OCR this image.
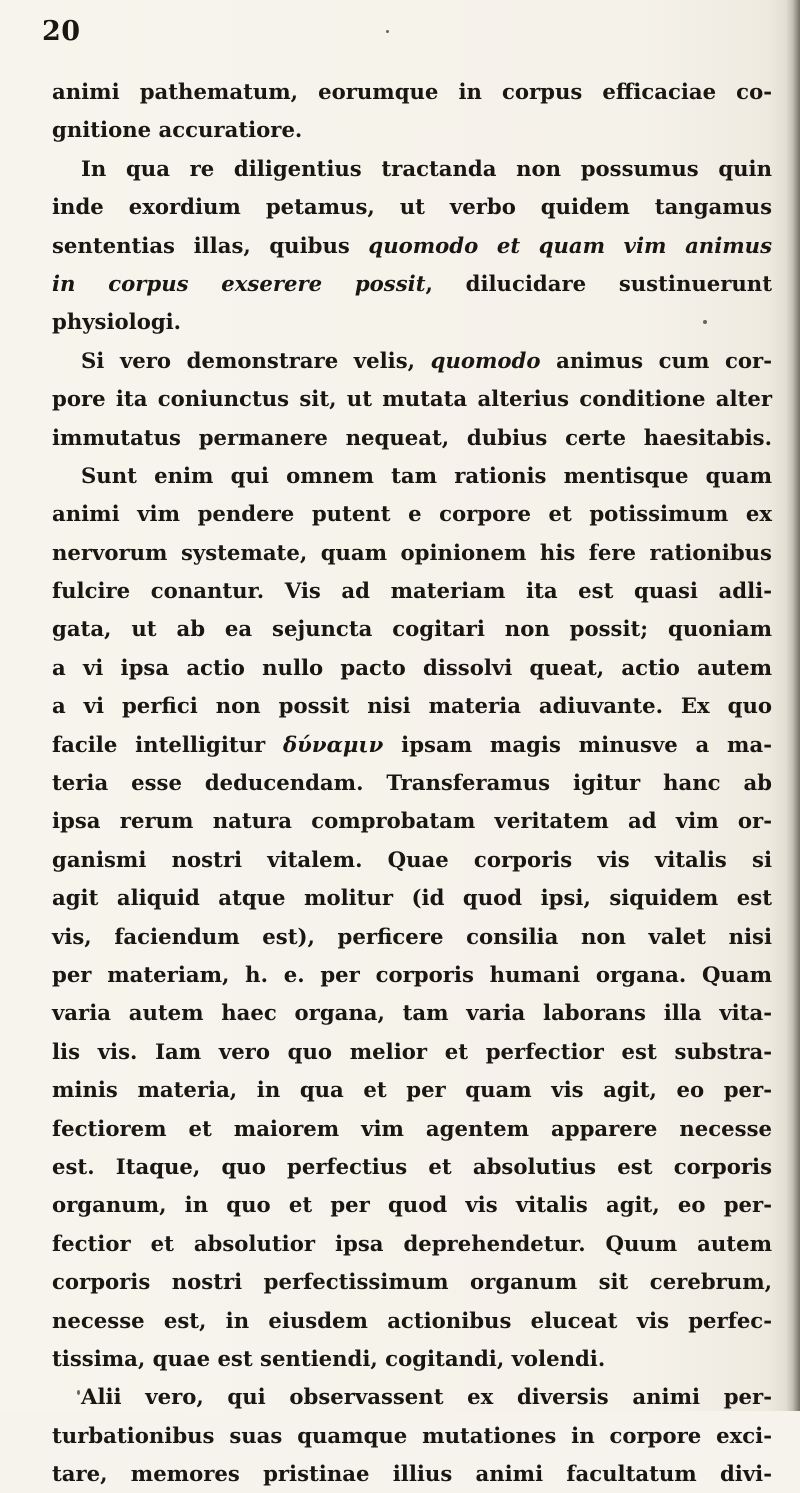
20
animi pathematum, eorumque in corpus efficaciae co-
gnitione accuratiore.
In qua re diligentius tractanda non possumus quin
inde exordium petamus, ut verbo quidem tangamus
sententias illas, quibus quomodo et quam vim animus
in corpus exserere possit, dilucidare sustinuerunt
physiologi.
Si vero demonstrare velis, quomodo animus cum cor-
pore ita coniunctus sit, ut mutata alterius conditione alter
immutatus permanere nequeat, dubius certe haesitabis.
Sunt enim qui omnem tam rationis mentisque quam
animi vim pendere putent e corpore et potissimum ex
nervorum systemate, quam opinionem his fere rationibus
fulcire conantur. Vis ad materiam ita est quasi adli-
gata, ut ab ea sejuncta cogitari non possit; quoniam
a vi ipsa actio nullo pacto dissolvi queat, actio autem
a vi perfici non possit nisi materia adiuvante. Ex quo
facile intelligitur δύναμιν ipsam magis minusve a ma-
teria esse deducendam. Transferamus igitur hanc ab
ipsa rerum natura comprobatam veritatem ad vim or-
ganismi nostri vitalem. Quae corporis vis vitalis si
agit aliquid atque molitur (id quod ipsi, siquidem est
vis, faciendum est), perficere consilia non valet nisi
per materiam, h. e. per corporis humani organa. Quam
varia autem haec organa, tam varia laborans illa vita-
lis vis. Iam vero quo melior et perfectior est substra-
minis materia, in qua et per quam vis agit, eo per-
fectiorem et maiorem vim agentem apparere necesse
est. Itaque, quo perfectius et absolutius est corporis
organum, in quo et per quod vis vitalis agit, eo per-
fectior et absolutior ipsa deprehendetur. Quum autem
corporis nostri perfectissimum organum sit cerebrum,
necesse est, in eiusdem actionibus eluceat vis perfec-
tissima, quae est sentiendi, cogitandi, volendi.
Alii vero, qui observassent ex diversis animi per-
turbationibus suas quamque mutationes in corpore exci-
tare, memores pristinae illius animi facultatum divi-
